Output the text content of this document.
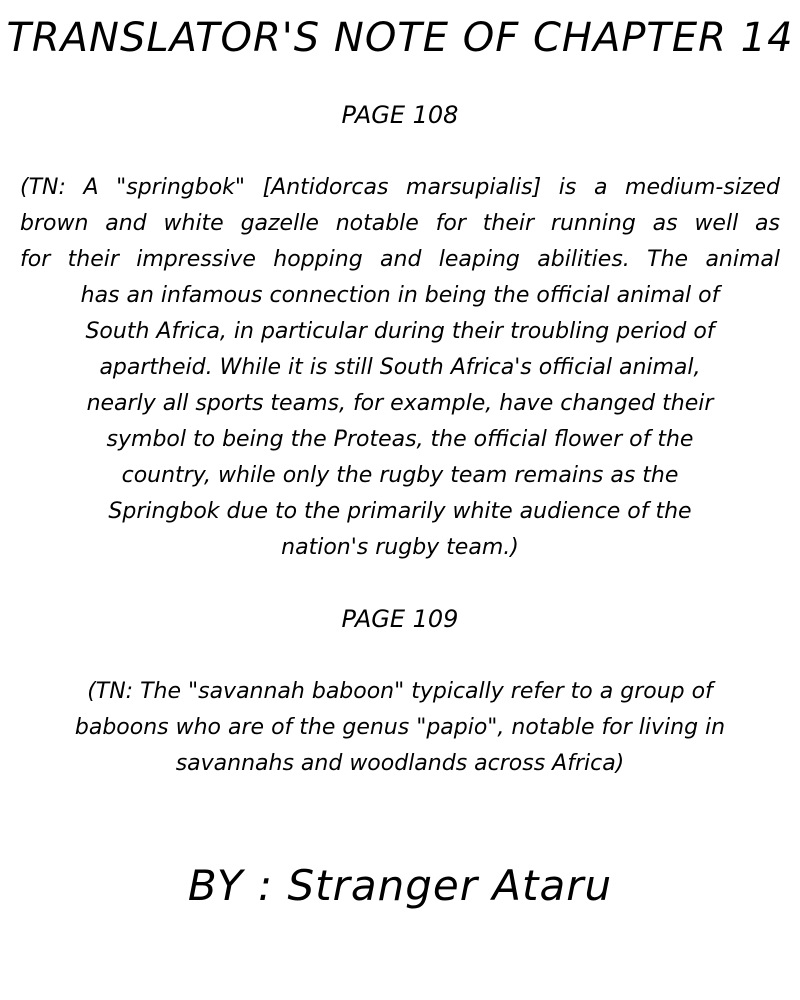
TRANSLATOR'S NOTE OF CHAPTER 14
PAGE 108
(TN: A "springbok" [Antidorcas marsupialis] is a medium-sized
brown and white gazelle notable for their running as well as
for their impressive hopping and leaping abilities. The animal
has an infamous connection in being the official animal of
South Africa, in particular during their troubling period of
apartheid. While it is still South Africa's official animal,
nearly all sports teams, for example, have changed their
symbol to being the Proteas, the official flower of the
country, while only the rugby team remains as the
Springbok due to the primarily white audience of the
nation's rugby team.)
PAGE 109
(TN: The "savannah baboon" typically refer to a group of
baboons who are of the genus "papio", notable for living in
savannahs and woodlands across Africa)
BY : Stranger Ataru
